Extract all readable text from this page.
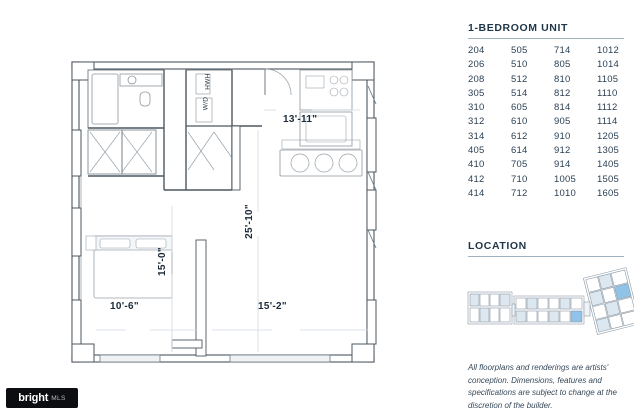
13'-11"
25'-10"
15'-0"
10'-6"	15'-2"
W/D
HWH
1-BEDROOM UNIT
204	505	714	1012
206	510	805	1014
208	512	810	1105
305	514	812	1110
310	605	814	1112
312	610	905	1114
314	612	910	1205
405	614	912	1305
410	705	914	1405
412	710	1005	1505
414	712	1010	1605
LOCATION
All floorplans and renderings are artists' conception. Dimensions, features and specifications are subject to change at the discretion of the builder.
bright MLS
